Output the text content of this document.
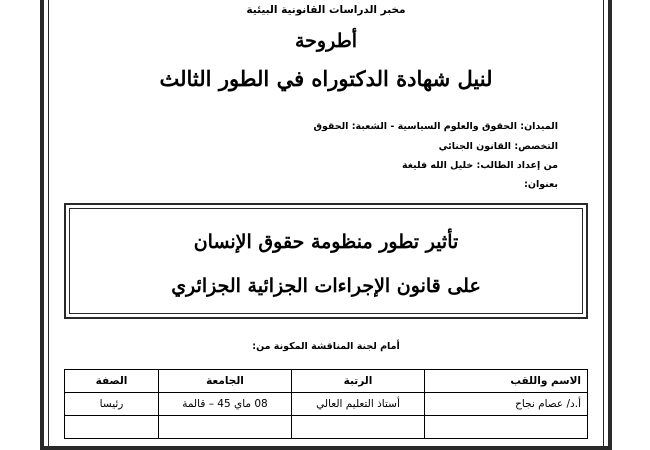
مخبر الدراسات القانونية البيئية
أطروحة
لنيل شهادة الدكتوراه في الطور الثالث
الميدان: الحقوق والعلوم السياسية - الشعبة: الحقوق
التخصص: القانون الجنائي
من إعداد الطالب: خليل الله فليغة
بعنوان:
تأثير تطور منظومة حقوق الإنسان
على قانون الإجراءات الجزائية الجزائري
أمام لجنة المناقشة المكونة من:
الاسم واللقب	الرتبة	الجامعة	الصفة
أ.د/ عصام نجاح	أستاذ التعليم العالي	08 ماي 45 – قالمة	رئيسا
